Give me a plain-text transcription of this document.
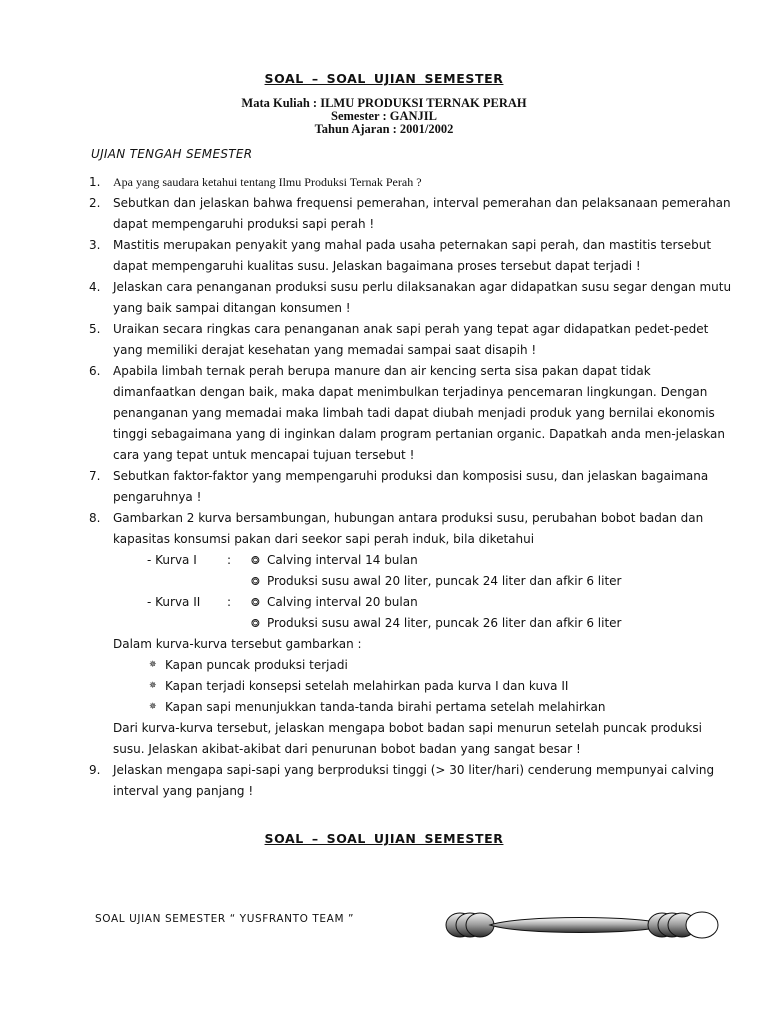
SOAL – SOAL UJIAN SEMESTER
Mata Kuliah : ILMU PRODUKSI TERNAK PERAH
Semester : GANJIL
Tahun Ajaran : 2001/2002
UJIAN TENGAH SEMESTER
1. Apa yang saudara ketahui tentang Ilmu Produksi Ternak Perah ?
2. Sebutkan dan jelaskan bahwa frequensi pemerahan, interval pemerahan dan pelaksanaan pemerahan
dapat mempengaruhi produksi sapi perah !
3. Mastitis merupakan penyakit yang mahal pada usaha peternakan sapi perah, dan mastitis tersebut
dapat mempengaruhi kualitas susu. Jelaskan bagaimana proses tersebut dapat terjadi !
4. Jelaskan cara penanganan produksi susu perlu dilaksanakan agar didapatkan susu segar dengan mutu
yang baik sampai ditangan konsumen !
5. Uraikan secara ringkas cara penanganan anak sapi perah yang tepat agar didapatkan pedet-pedet
yang memiliki derajat kesehatan yang memadai sampai saat disapih !
6. Apabila limbah ternak perah berupa manure dan air kencing serta sisa pakan dapat tidak
dimanfaatkan dengan baik, maka dapat menimbulkan terjadinya pencemaran lingkungan. Dengan
penanganan yang memadai maka limbah tadi dapat diubah menjadi produk yang bernilai ekonomis
tinggi sebagaimana yang di inginkan dalam program pertanian organic. Dapatkah anda men-jelaskan
cara yang tepat untuk mencapai tujuan tersebut !
7. Sebutkan faktor-faktor yang mempengaruhi produksi dan komposisi susu, dan jelaskan bagaimana
pengaruhnya !
8. Gambarkan 2 kurva bersambungan, hubungan antara produksi susu, perubahan bobot badan dan
kapasitas konsumsi pakan dari seekor sapi perah induk, bila diketahui
- Kurva I	: ⭗ Calving interval 14 bulan
⭗ Produksi susu awal 20 liter, puncak 24 liter dan afkir 6 liter
- Kurva II : ⭗ Calving interval 20 bulan
⭗ Produksi susu awal 24 liter, puncak 26 liter dan afkir 6 liter
Dalam kurva-kurva tersebut gambarkan :
✵ Kapan puncak produksi terjadi
✵ Kapan terjadi konsepsi setelah melahirkan pada kurva I dan kuva II
✵ Kapan sapi menunjukkan tanda-tanda birahi pertama setelah melahirkan
Dari kurva-kurva tersebut, jelaskan mengapa bobot badan sapi menurun setelah puncak produksi
susu. Jelaskan akibat-akibat dari penurunan bobot badan yang sangat besar !
9. Jelaskan mengapa sapi-sapi yang berproduksi tinggi (> 30 liter/hari) cenderung mempunyai calving
interval yang panjang !
SOAL – SOAL UJIAN SEMESTER
SOAL UJIAN SEMESTER “ YUSFRANTO TEAM ”
